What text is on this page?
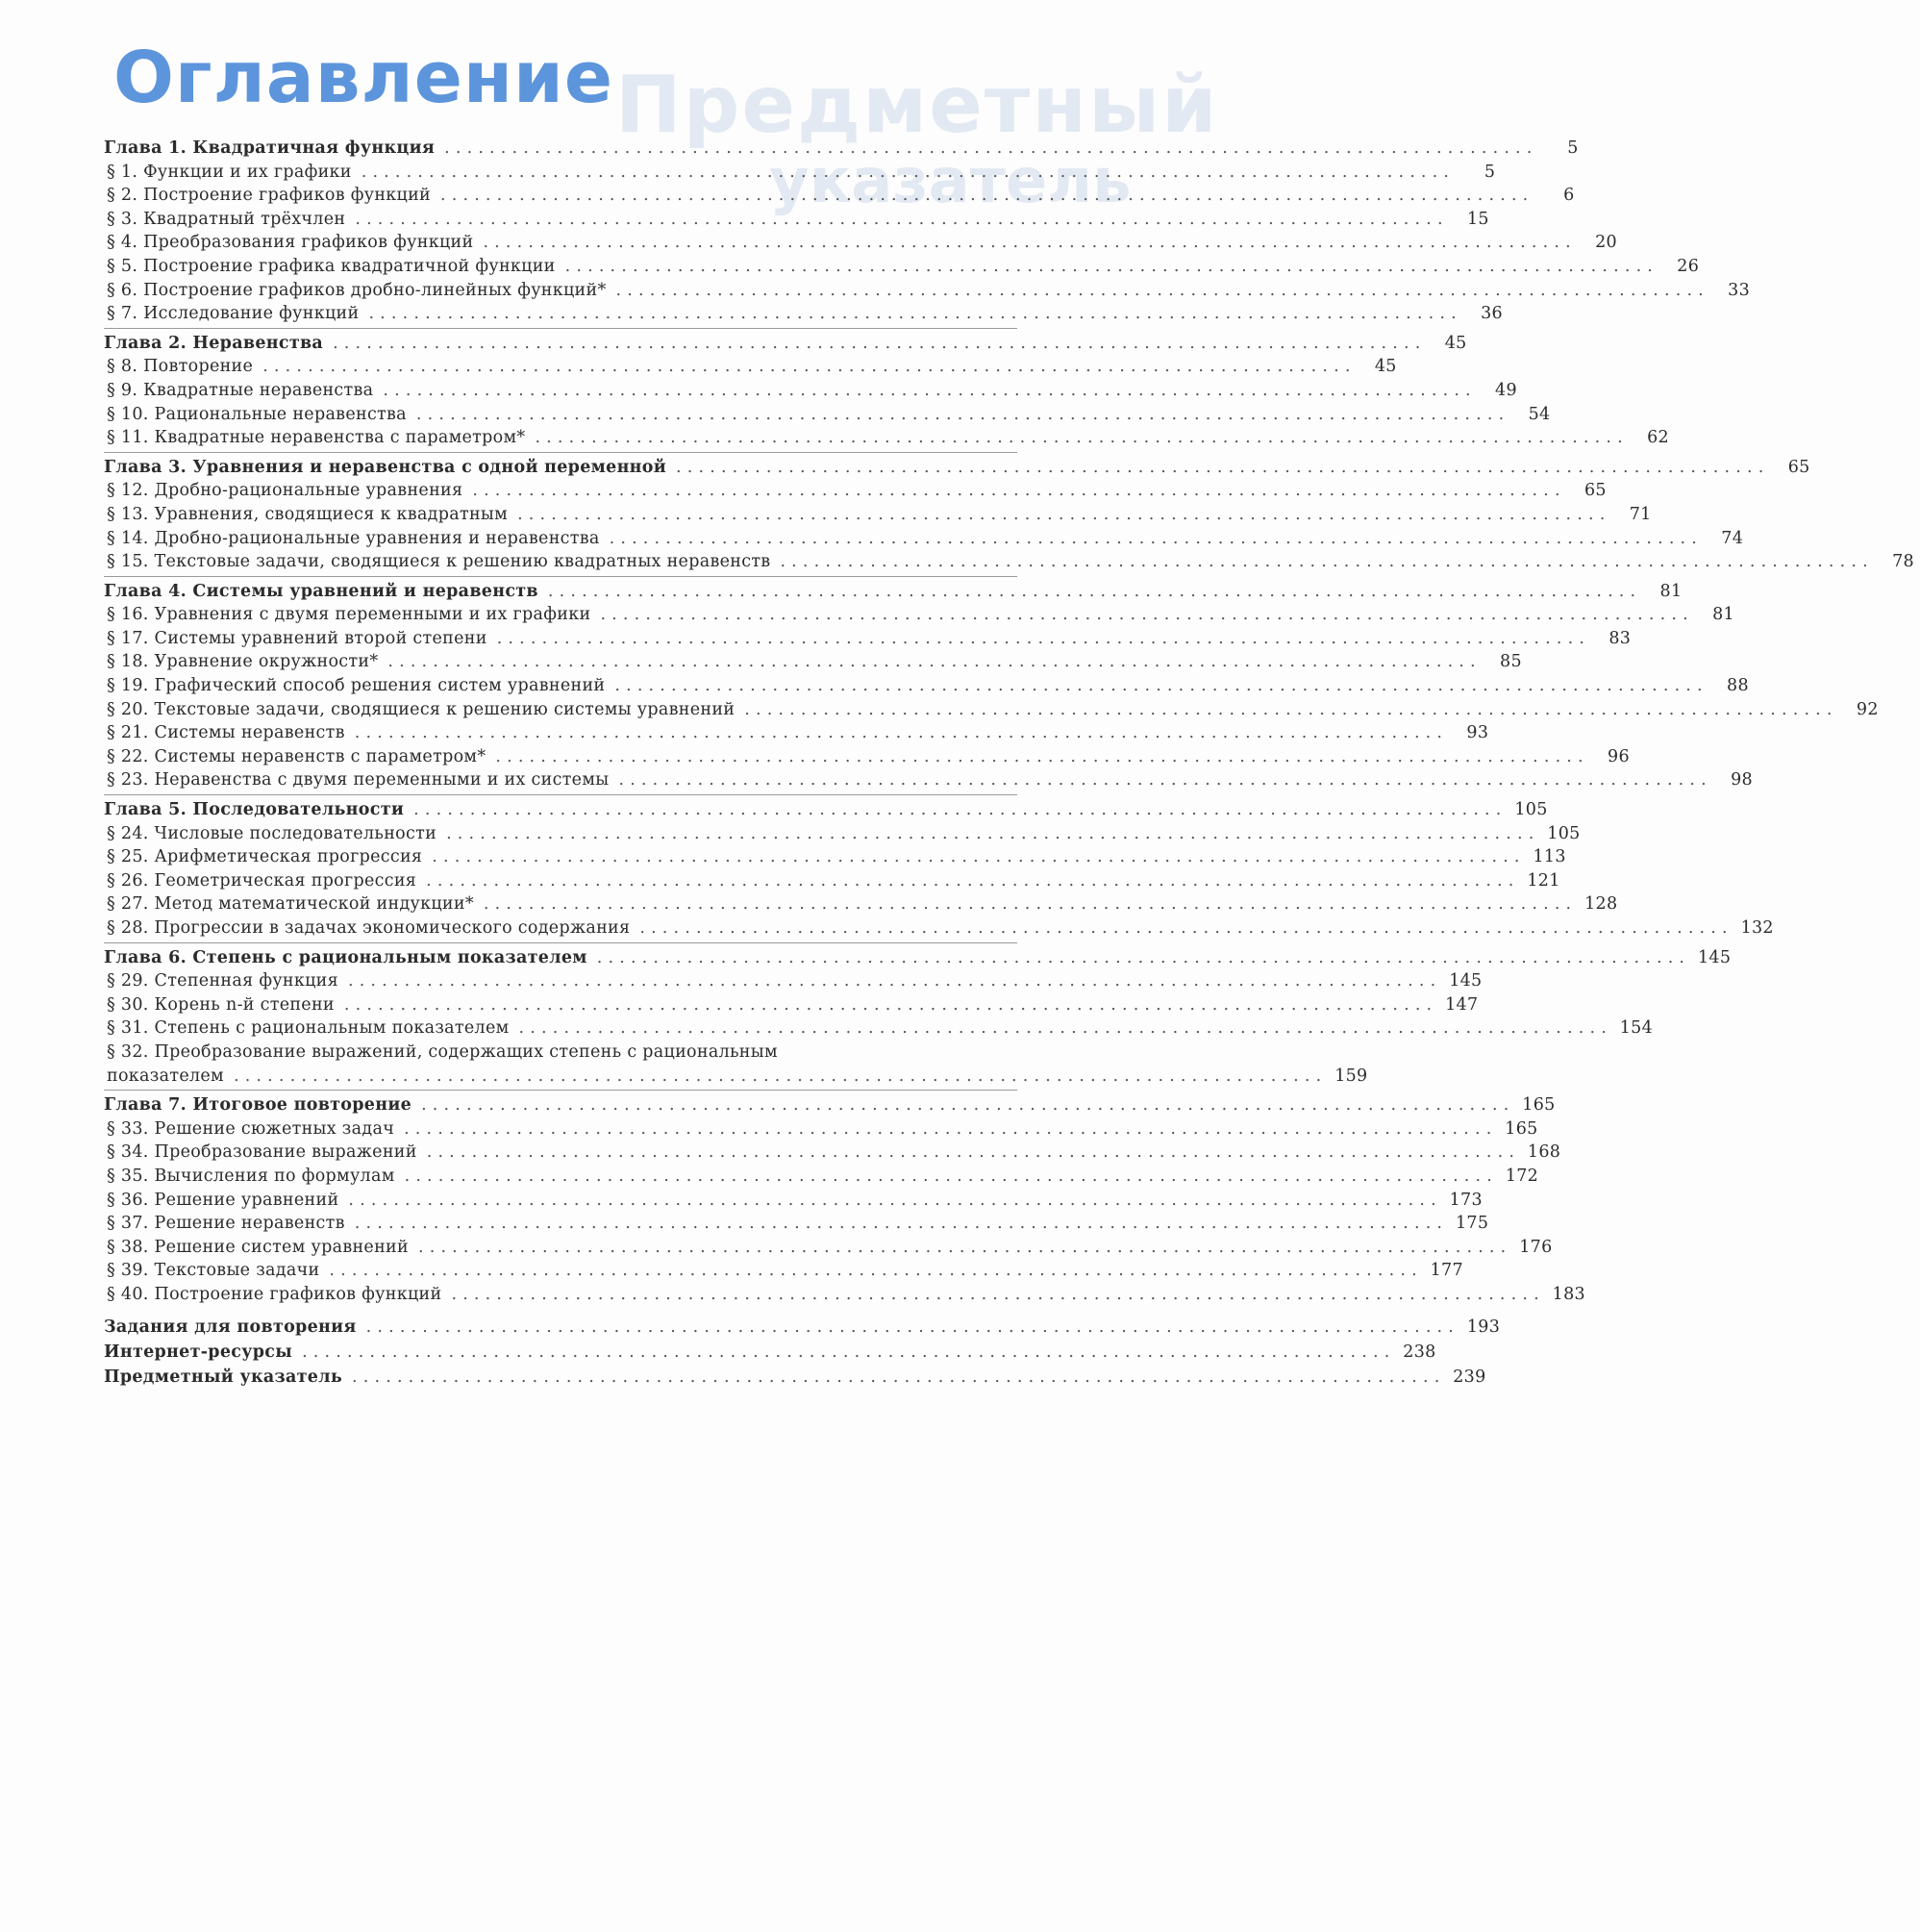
Предметный
указатель
Оглавление
Глава 1. Квадратичная функция . . .	5
§ 1. Функции и их графики . . .	5
§ 2. Построение графиков функций . . .	6
§ 3. Квадратный трёхчлен . . .	15
§ 4. Преобразования графиков функций . . .	20
§ 5. Построение графика квадратичной функции . . .	26
§ 6. Построение графиков дробно-линейных функций* . . .	33
§ 7. Исследование функций . . .	36
Глава 2. Неравенства . . .	45
§ 8. Повторение . . .	45
§ 9. Квадратные неравенства . . .	49
§ 10. Рациональные неравенства . . .	54
§ 11. Квадратные неравенства с параметром* . . .	62
Глава 3. Уравнения и неравенства с одной переменной . . .	65
§ 12. Дробно-рациональные уравнения . . .	65
§ 13. Уравнения, сводящиеся к квадратным . . .	71
§ 14. Дробно-рациональные уравнения и неравенства . . .	74
§ 15. Текстовые задачи, сводящиеся к решению квадратных неравенств . . .	78
Глава 4. Системы уравнений и неравенств . . .	81
§ 16. Уравнения с двумя переменными и их графики . . .	81
§ 17. Системы уравнений второй степени . . .	83
§ 18. Уравнение окружности* . . .	85
§ 19. Графический способ решения систем уравнений . . .	88
§ 20. Текстовые задачи, сводящиеся к решению системы уравнений . . .	92
§ 21. Системы неравенств . . .	93
§ 22. Системы неравенств с параметром* . . .	96
§ 23. Неравенства с двумя переменными и их системы . . .	98
Глава 5. Последовательности . . .	105
§ 24. Числовые последовательности . . .	105
§ 25. Арифметическая прогрессия . . .	113
§ 26. Геометрическая прогрессия . . .	121
§ 27. Метод математической индукции* . . .	128
§ 28. Прогрессии в задачах экономического содержания . . .	132
Глава 6. Степень с рациональным показателем . . .	145
§ 29. Степенная функция . . .	145
§ 30. Корень n-й степени . . .	147
§ 31. Степень с рациональным показателем . . .	154
§ 32. Преобразование выражений, содержащих степень с рациональным
показателем . . .	159
Глава 7. Итоговое повторение . . .	165
§ 33. Решение сюжетных задач . . .	165
§ 34. Преобразование выражений . . .	168
§ 35. Вычисления по формулам . . .	172
§ 36. Решение уравнений . . .	173
§ 37. Решение неравенств . . .	175
§ 38. Решение систем уравнений . . .	176
§ 39. Текстовые задачи . . .	177
§ 40. Построение графиков функций . . .	183
Задания для повторения . . .	193
Интернет-ресурсы . . .	238
Предметный указатель . . .	239
